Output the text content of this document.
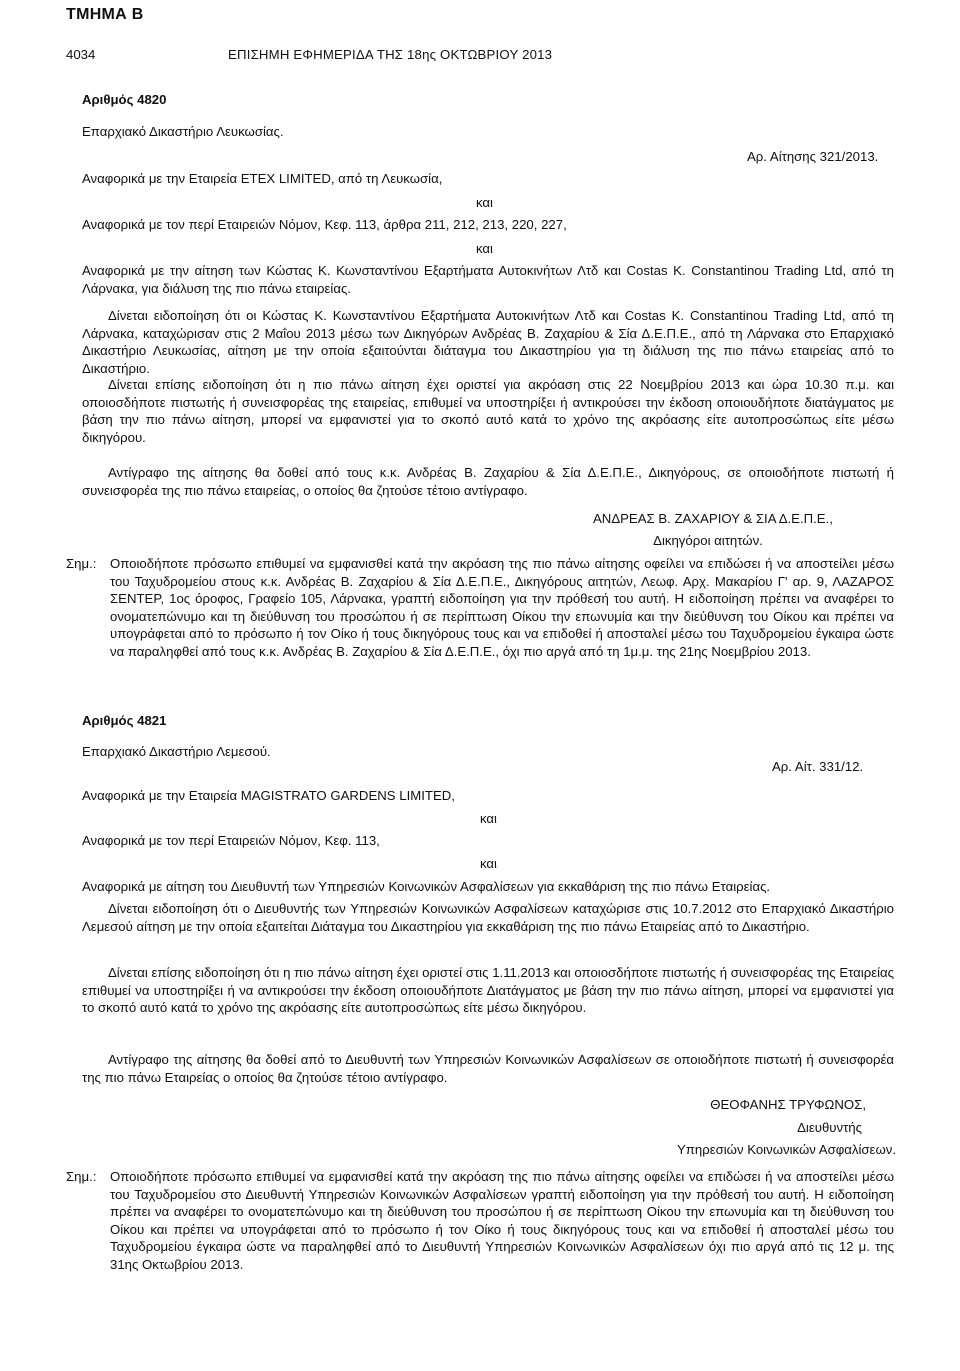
ΤΜΗΜΑ Β
4034	ΕΠΙΣΗΜΗ ΕΦΗΜΕΡΙΔΑ ΤΗΣ 18ης ΟΚΤΩΒΡΙΟΥ 2013
Αριθμός 4820
Επαρχιακό Δικαστήριο Λευκωσίας.
Αρ. Αίτησης 321/2013.
Αναφορικά με την Εταιρεία ETEX LIMITED, από τη Λευκωσία,
και
Αναφορικά με τον περί Εταιρειών Νόμον, Κεφ. 113, άρθρα 211, 212, 213, 220, 227,
και
Αναφορικά με την αίτηση των Κώστας Κ. Κωνσταντίνου Εξαρτήματα Αυτοκινήτων Λτδ και Costas K. Constantinou Trading Ltd, από τη Λάρνακα, για διάλυση της πιο πάνω εταιρείας.
Δίνεται ειδοποίηση ότι οι Κώστας Κ. Κωνσταντίνου Εξαρτήματα Αυτοκινήτων Λτδ και Costas K. Constantinou Trading Ltd, από τη Λάρνακα, καταχώρισαν στις 2 Μαΐου 2013 μέσω των Δικηγόρων Ανδρέας Β. Ζαχαρίου & Σία Δ.Ε.Π.Ε., από τη Λάρνακα στο Επαρχιακό Δικαστήριο Λευκωσίας, αίτηση με την οποία εξαιτούνται διάταγμα του Δικαστηρίου για τη διάλυση της πιο πάνω εταιρείας από το Δικαστήριο.
Δίνεται επίσης ειδοποίηση ότι η πιο πάνω αίτηση έχει οριστεί για ακρόαση στις 22 Νοεμβρίου 2013 και ώρα 10.30 π.μ. και οποιοσδήποτε πιστωτής ή συνεισφορέας της εταιρείας, επιθυμεί να υποστηρίξει ή αντικρούσει την έκδοση οποιουδήποτε διατάγματος με βάση την πιο πάνω αίτηση, μπορεί να εμφανιστεί για το σκοπό αυτό κατά το χρόνο της ακρόασης είτε αυτοπροσώπως είτε μέσω δικηγόρου.
Αντίγραφο της αίτησης θα δοθεί από τους κ.κ. Ανδρέας Β. Ζαχαρίου & Σία Δ.Ε.Π.Ε., Δικηγόρους, σε οποιοδήποτε πιστωτή ή συνεισφορέα της πιο πάνω εταιρείας, ο οποίος θα ζητούσε τέτοιο αντίγραφο.
ΑΝΔΡΕΑΣ Β. ΖΑΧΑΡΙΟΥ & ΣΙΑ Δ.Ε.Π.Ε.,
Δικηγόροι αιτητών.
Σημ.: Οποιοδήποτε πρόσωπο επιθυμεί να εμφανισθεί κατά την ακρόαση της πιο πάνω αίτησης οφείλει να επιδώσει ή να αποστείλει μέσω του Ταχυδρομείου στους κ.κ. Ανδρέας Β. Ζαχαρίου & Σία Δ.Ε.Π.Ε., Δικηγόρους αιτητών, Λεωφ. Αρχ. Μακαρίου Γ' αρ. 9, ΛΑΖΑΡΟΣ ΣΕΝΤΕΡ, 1ος όροφος, Γραφείο 105, Λάρνακα, γραπτή ειδοποίηση για την πρόθεσή του αυτή. Η ειδοποίηση πρέπει να αναφέρει το ονοματεπώνυμο και τη διεύθυνση του προσώπου ή σε περίπτωση Οίκου την επωνυμία και την διεύθυνση του Οίκου και πρέπει να υπογράφεται από το πρόσωπο ή τον Οίκο ή τους δικηγόρους τους και να επιδοθεί ή αποσταλεί μέσω του Ταχυδρομείου έγκαιρα ώστε να παραληφθεί από τους κ.κ. Ανδρέας Β. Ζαχαρίου & Σία Δ.Ε.Π.Ε., όχι πιο αργά από τη 1μ.μ. της 21ης Νοεμβρίου 2013.
Αριθμός 4821
Επαρχιακό Δικαστήριο Λεμεσού.
Αρ. Αίτ. 331/12.
Αναφορικά με την Εταιρεία MAGISTRATO GARDENS LIMITED,
και
Αναφορικά με τον περί Εταιρειών Νόμον, Κεφ. 113,
και
Αναφορικά με αίτηση του Διευθυντή των Υπηρεσιών Κοινωνικών Ασφαλίσεων για εκκαθάριση της πιο πάνω Εταιρείας.
Δίνεται ειδοποίηση ότι ο Διευθυντής των Υπηρεσιών Κοινωνικών Ασφαλίσεων καταχώρισε στις 10.7.2012 στο Επαρχιακό Δικαστήριο Λεμεσού αίτηση με την οποία εξαιτείται Διάταγμα του Δικαστηρίου για εκκαθάριση της πιο πάνω Εταιρείας από το Δικαστήριο.
Δίνεται επίσης ειδοποίηση ότι η πιο πάνω αίτηση έχει οριστεί στις 1.11.2013 και οποιοσδήποτε πιστωτής ή συνεισφορέας της Εταιρείας επιθυμεί να υποστηρίξει ή να αντικρούσει την έκδοση οποιουδήποτε Διατάγματος με βάση την πιο πάνω αίτηση, μπορεί να εμφανιστεί για το σκοπό αυτό κατά το χρόνο της ακρόασης είτε αυτοπροσώπως είτε μέσω δικηγόρου.
Αντίγραφο της αίτησης θα δοθεί από το Διευθυντή των Υπηρεσιών Κοινωνικών Ασφαλίσεων σε οποιοδήποτε πιστωτή ή συνεισφορέα της πιο πάνω Εταιρείας ο οποίος θα ζητούσε τέτοιο αντίγραφο.
ΘΕΟΦΑΝΗΣ ΤΡΥΦΩΝΟΣ,
Διευθυντής
Υπηρεσιών Κοινωνικών Ασφαλίσεων.
Σημ.: Οποιοδήποτε πρόσωπο επιθυμεί να εμφανισθεί κατά την ακρόαση της πιο πάνω αίτησης οφείλει να επιδώσει ή να αποστείλει μέσω του Ταχυδρομείου στο Διευθυντή Υπηρεσιών Κοινωνικών Ασφαλίσεων γραπτή ειδοποίηση για την πρόθεσή του αυτή. Η ειδοποίηση πρέπει να αναφέρει το ονοματεπώνυμο και τη διεύθυνση του προσώπου ή σε περίπτωση Οίκου την επωνυμία και τη διεύθυνση του Οίκου και πρέπει να υπογράφεται από το πρόσωπο ή τον Οίκο ή τους δικηγόρους τους και να επιδοθεί ή αποσταλεί μέσω του Ταχυδρομείου έγκαιρα ώστε να παραληφθεί από το Διευθυντή Υπηρεσιών Κοινωνικών Ασφαλίσεων όχι πιο αργά από τις 12 μ. της 31ης Οκτωβρίου 2013.
